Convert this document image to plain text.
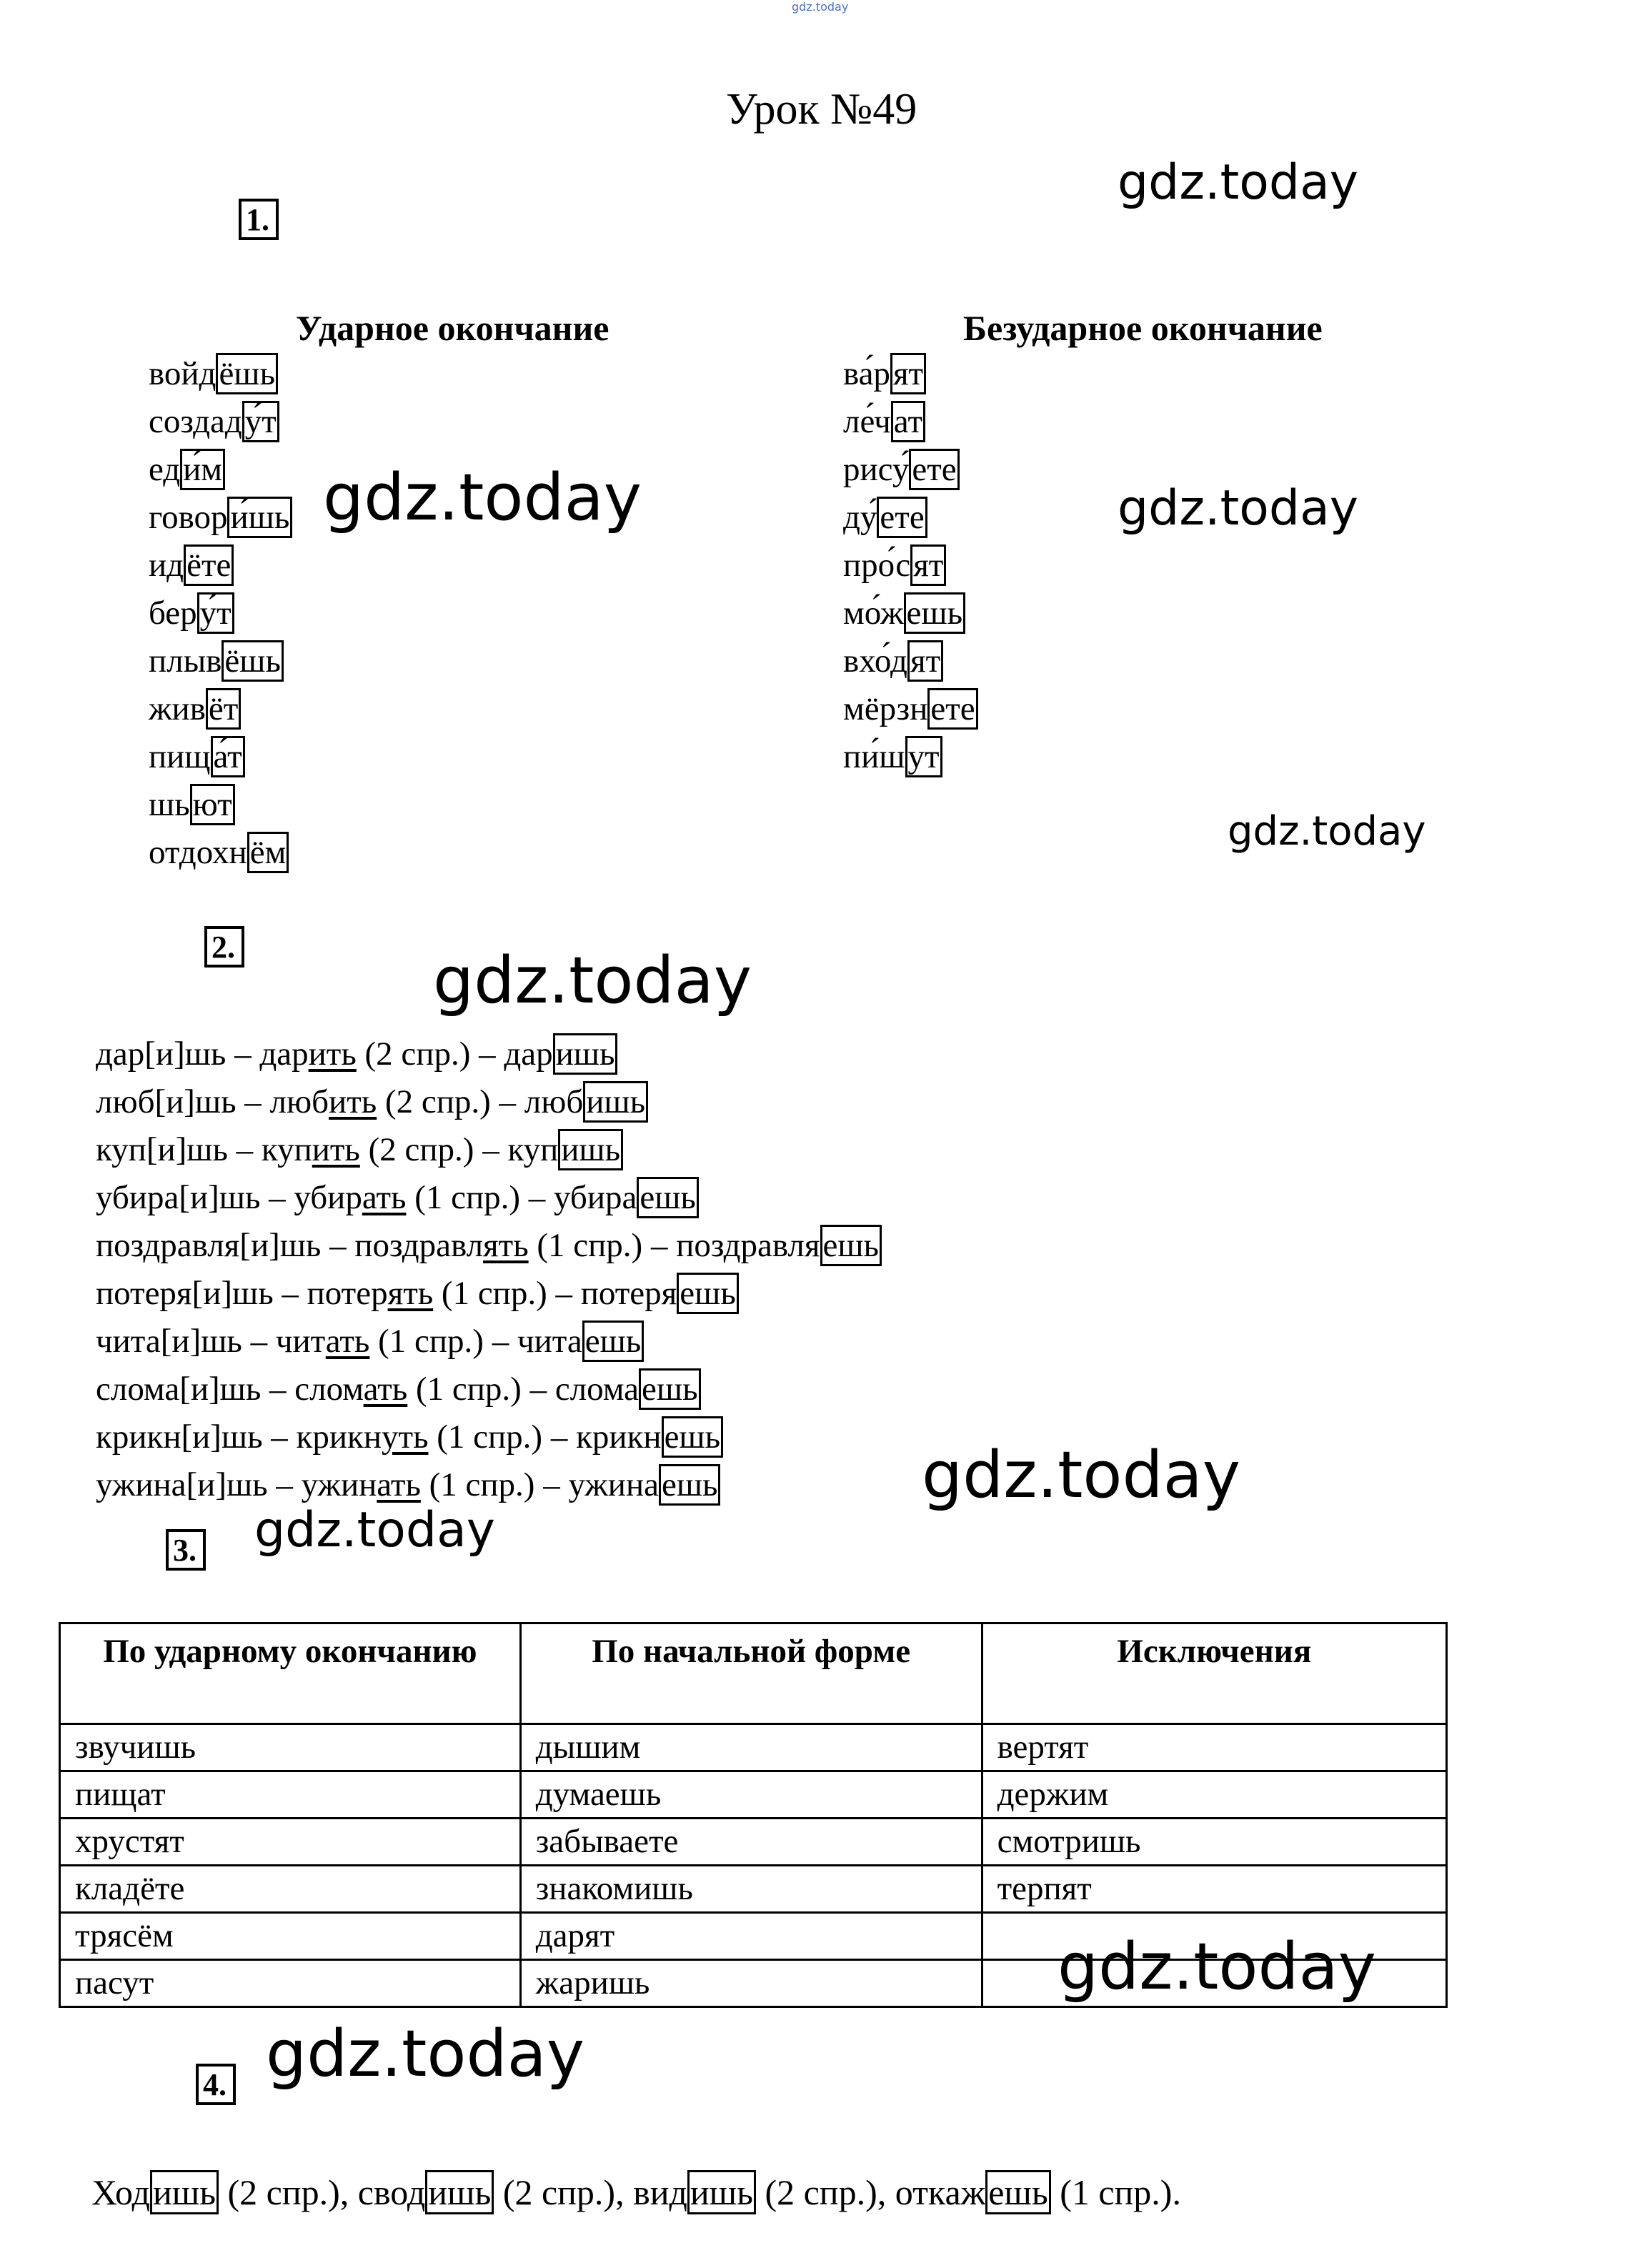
gdz.today
gdz.today
gdz.today	gdz.today
gdz.today
gdz.today
gdz.today
gdz.today
gdz.today
gdz.today
Урок №49
1.
Ударное окончание	Безударное окончание
войдёшь
создаду́т
еди́м
говори́шь
идёте
беру́т
плывёшь
живёт
пища́т
шьют
отдохнём
ва́рят
ле́чат
рису́ете
ду́ете
про́сят
мо́жешь
вхо́дят
мёрзнете
пи́шут
2.
дар[и]шь – дарить (2 спр.) – даришь
люб[и]шь – любить (2 спр.) – любишь
куп[и]шь – купить (2 спр.) – купишь
убира[и]шь – убирать (1 спр.) – убираешь
поздравля[и]шь – поздравлять (1 спр.) – поздравляешь
потеря[и]шь – потерять (1 спр.) – потеряешь
чита[и]шь – читать (1 спр.) – читаешь
слома[и]шь – сломать (1 спр.) – сломаешь
крикн[и]шь – крикнуть (1 спр.) – крикнешь
ужина[и]шь – ужинать (1 спр.) – ужинаешь
3.
По ударному окончанию	По начальной форме	Исключения
звучишь	дышим	вертят
пищат	думаешь	держим
хрустят	забываете	смотришь
кладёте	знакомишь	терпят
трясём	дарят	
пасут	жаришь	
4.
Ходишь (2 спр.), сводишь (2 спр.), видишь (2 спр.), откажешь (1 спр.).
